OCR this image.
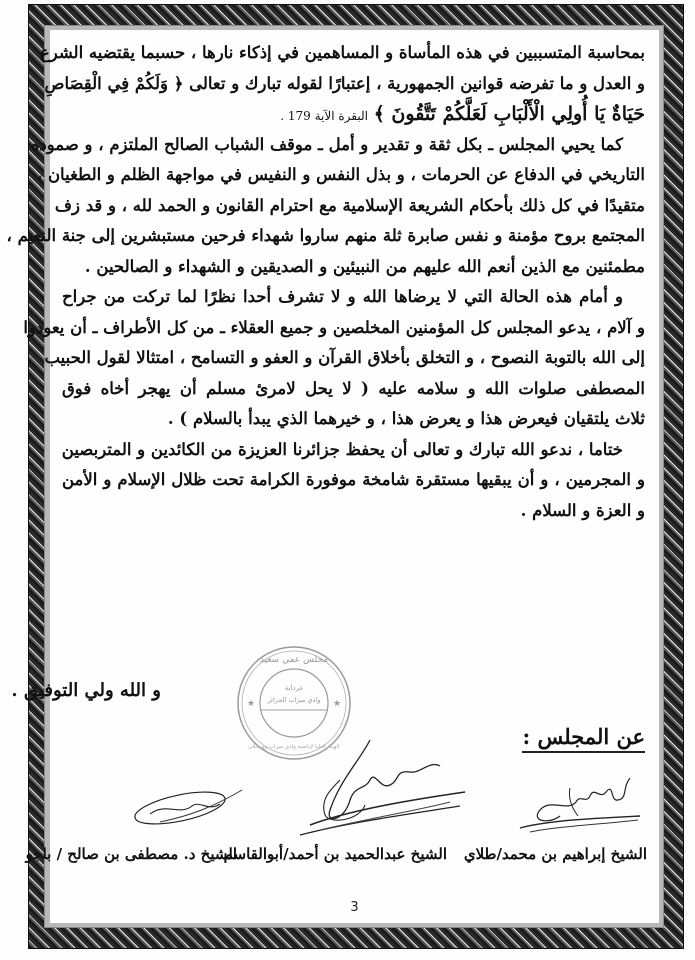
بمحاسبة المتسببين في هذه المأساة و المساهمين في إذكاء نارها ، حسبما يقتضيه الشرع
و العدل و ما تفرضه قوانين الجمهورية ، إعتبارًا لقوله تبارك و تعالى ﴿ وَلَكُمْ فِي الْقِصَاصِ
حَيَاةٌ يَا أُولِي الْأَلْبَابِ لَعَلَّكُمْ تَتَّقُونَ ﴾ البقرة الآية 179 .
كما يحيي المجلس ـ بكل ثقة و تقدير و أمل ـ موقف الشباب الصالح الملتزم ، و صموده
التاريخي في الدفاع عن الحرمات ، و بذل النفس و النفيس في مواجهة الظلم و الطغيان ،
متقيدًا في كل ذلك بأحكام الشريعة الإسلامية مع احترام القانون و الحمد لله ، و قد زف
المجتمع بروح مؤمنة و نفس صابرة ثلة منهم ساروا شهداء فرحين مستبشرين إلى جنة النعيم ،
مطمئنين مع الذين أنعم الله عليهم من النبيئين و الصديقين و الشهداء و الصالحين .
و أمام هذه الحالة التي لا يرضاها الله و لا تشرف أحدا نظرًا لما تركت من جراح
و آلام ، يدعو المجلس كل المؤمنين المخلصين و جميع العقلاء ـ من كل الأطراف ـ أن يعودوا
إلى الله بالتوبة النصوح ، و التخلق بأخلاق القرآن و العفو و التسامح ، امتثالا لقول الحبيب
المصطفى صلوات الله و سلامه عليه ( لا يحل لامرئ مسلم أن يهجر أخاه فوق
ثلاث يلتقيان فيعرض هذا و يعرض هذا ، و خيرهما الذي يبدأ بالسلام ) .
ختاما ، ندعو الله تبارك و تعالى أن يحفظ جزائرنا العزيزة من الكائدين و المتربصين
و المجرمين ، و أن يبقيها مستقرة شامخة موفورة الكرامة تحت ظلال الإسلام و الأمن
و العزة و السلام .
و الله ولي التوفيق .
★	★
مجلس عمي سعيد
غرداية
وادي ميزاب الجزائر
الهيئة العليا لإباضية وادي ميزاب وورجلان	عن المجلس :
الشيخ إبراهيم بن محمد/طلاي
الشيخ عبدالحميد بن أحمد/أبوالقاسم
الشيخ د. مصطفى بن صالح / باجو
3
